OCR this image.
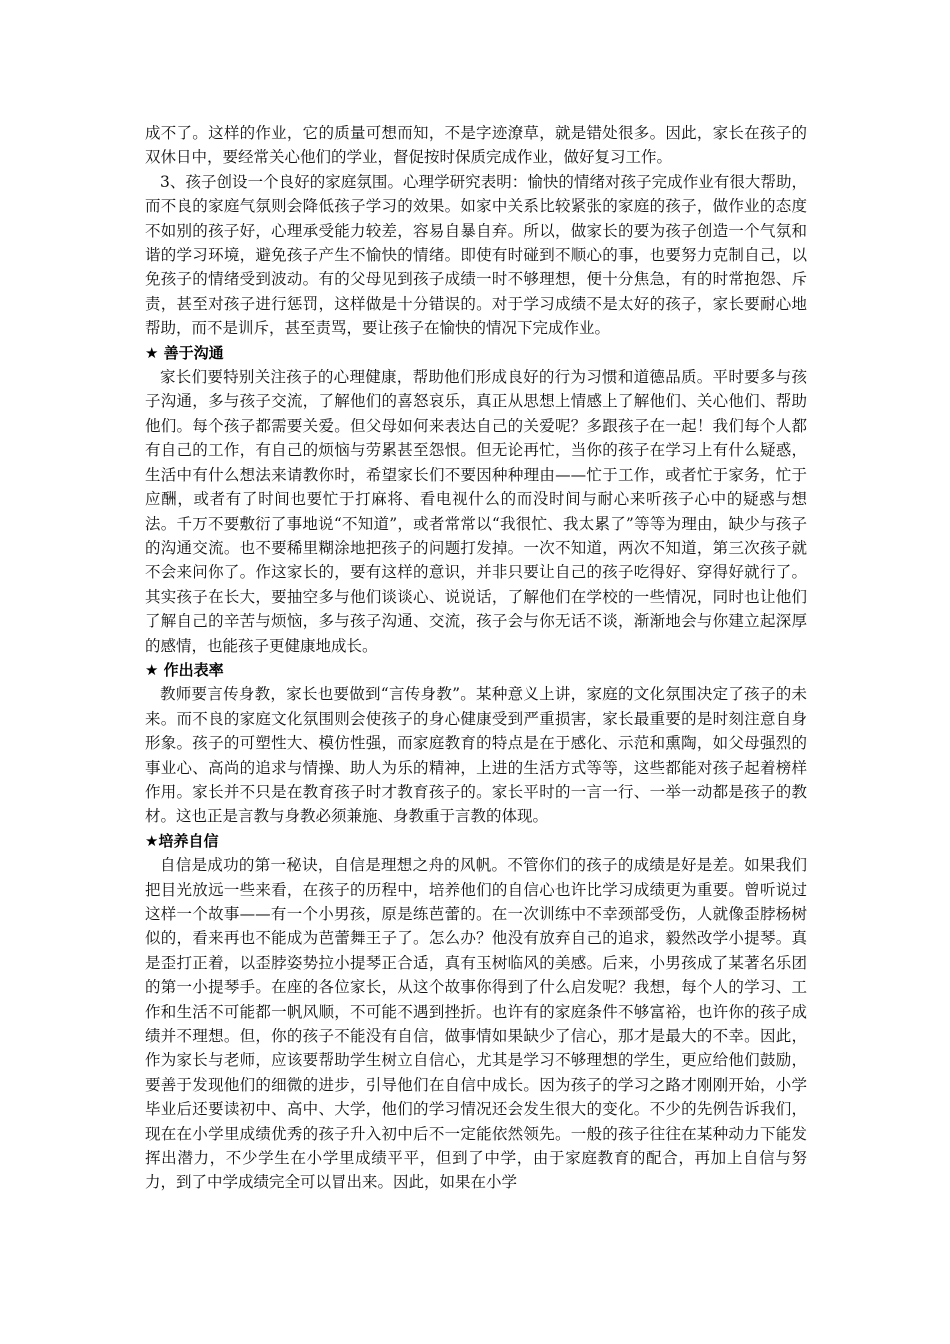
成不了。这样的作业，它的质量可想而知，不是字迹潦草，就是错处很多。因此，家长在孩子的双休日中，要经常关心他们的学业，督促按时保质完成作业，做好复习工作。

3、孩子创设一个良好的家庭氛围。心理学研究表明：愉快的情绪对孩子完成作业有很大帮助，而不良的家庭气氛则会降低孩子学习的效果。如家中关系比较紧张的家庭的孩子，做作业的态度不如别的孩子好，心理承受能力较差，容易自暴自弃。所以，做家长的要为孩子创造一个气氛和谐的学习环境，避免孩子产生不愉快的情绪。即使有时碰到不顺心的事，也要努力克制自己，以免孩子的情绪受到波动。有的父母见到孩子成绩一时不够理想，便十分焦急，有的时常抱怨、斥责，甚至对孩子进行惩罚，这样做是十分错误的。对于学习成绩不是太好的孩子，家长要耐心地帮助，而不是训斥，甚至责骂，要让孩子在愉快的情况下完成作业。

★ 善于沟通

家长们要特别关注孩子的心理健康，帮助他们形成良好的行为习惯和道德品质。平时要多与孩子沟通，多与孩子交流，了解他们的喜怒哀乐，真正从思想上情感上了解他们、关心他们、帮助他们。每个孩子都需要关爱。但父母如何来表达自己的关爱呢？多跟孩子在一起！我们每个人都有自己的工作，有自己的烦恼与劳累甚至怨恨。但无论再忙，当你的孩子在学习上有什么疑惑，生活中有什么想法来请教你时，希望家长们不要因种种理由——忙于工作，或者忙于家务，忙于应酬，或者有了时间也要忙于打麻将、看电视什么的而没时间与耐心来听孩子心中的疑惑与想法。千万不要敷衍了事地说“不知道”，或者常常以“我很忙、我太累了”等等为理由，缺少与孩子的沟通交流。也不要稀里糊涂地把孩子的问题打发掉。一次不知道，两次不知道，第三次孩子就不会来问你了。作这家长的，要有这样的意识，并非只要让自己的孩子吃得好、穿得好就行了。其实孩子在长大，要抽空多与他们谈谈心、说说话，了解他们在学校的一些情况，同时也让他们了解自己的辛苦与烦恼，多与孩子沟通、交流，孩子会与你无话不谈，渐渐地会与你建立起深厚的感情，也能孩子更健康地成长。

★ 作出表率

教师要言传身教，家长也要做到“言传身教”。某种意义上讲，家庭的文化氛围决定了孩子的未来。而不良的家庭文化氛围则会使孩子的身心健康受到严重损害，家长最重要的是时刻注意自身形象。孩子的可塑性大、模仿性强，而家庭教育的特点是在于感化、示范和熏陶，如父母强烈的事业心、高尚的追求与情操、助人为乐的精神，上进的生活方式等等，这些都能对孩子起着榜样作用。家长并不只是在教育孩子时才教育孩子的。家长平时的一言一行、一举一动都是孩子的教材。这也正是言教与身教必须兼施、身教重于言教的体现。

★培养自信

自信是成功的第一秘诀，自信是理想之舟的风帆。不管你们的孩子的成绩是好是差。如果我们把目光放远一些来看，在孩子的历程中，培养他们的自信心也许比学习成绩更为重要。曾听说过这样一个故事——有一个小男孩，原是练芭蕾的。在一次训练中不幸颈部受伤，人就像歪脖杨树似的，看来再也不能成为芭蕾舞王子了。怎么办？他没有放弃自己的追求，毅然改学小提琴。真是歪打正着，以歪脖姿势拉小提琴正合适，真有玉树临风的美感。后来，小男孩成了某著名乐团的第一小提琴手。在座的各位家长，从这个故事你得到了什么启发呢？我想，每个人的学习、工作和生活不可能都一帆风顺，不可能不遇到挫折。也许有的家庭条件不够富裕，也许你的孩子成绩并不理想。但，你的孩子不能没有自信，做事情如果缺少了信心，那才是最大的不幸。因此，作为家长与老师，应该要帮助学生树立自信心，尤其是学习不够理想的学生，更应给他们鼓励，要善于发现他们的细微的进步，引导他们在自信中成长。因为孩子的学习之路才刚刚开始，小学毕业后还要读初中、高中、大学，他们的学习情况还会发生很大的变化。不少的先例告诉我们，现在在小学里成绩优秀的孩子升入初中后不一定能依然领先。一般的孩子往往在某种动力下能发挥出潜力，不少学生在小学里成绩平平，但到了中学，由于家庭教育的配合，再加上自信与努力，到了中学成绩完全可以冒出来。因此，如果在小学
